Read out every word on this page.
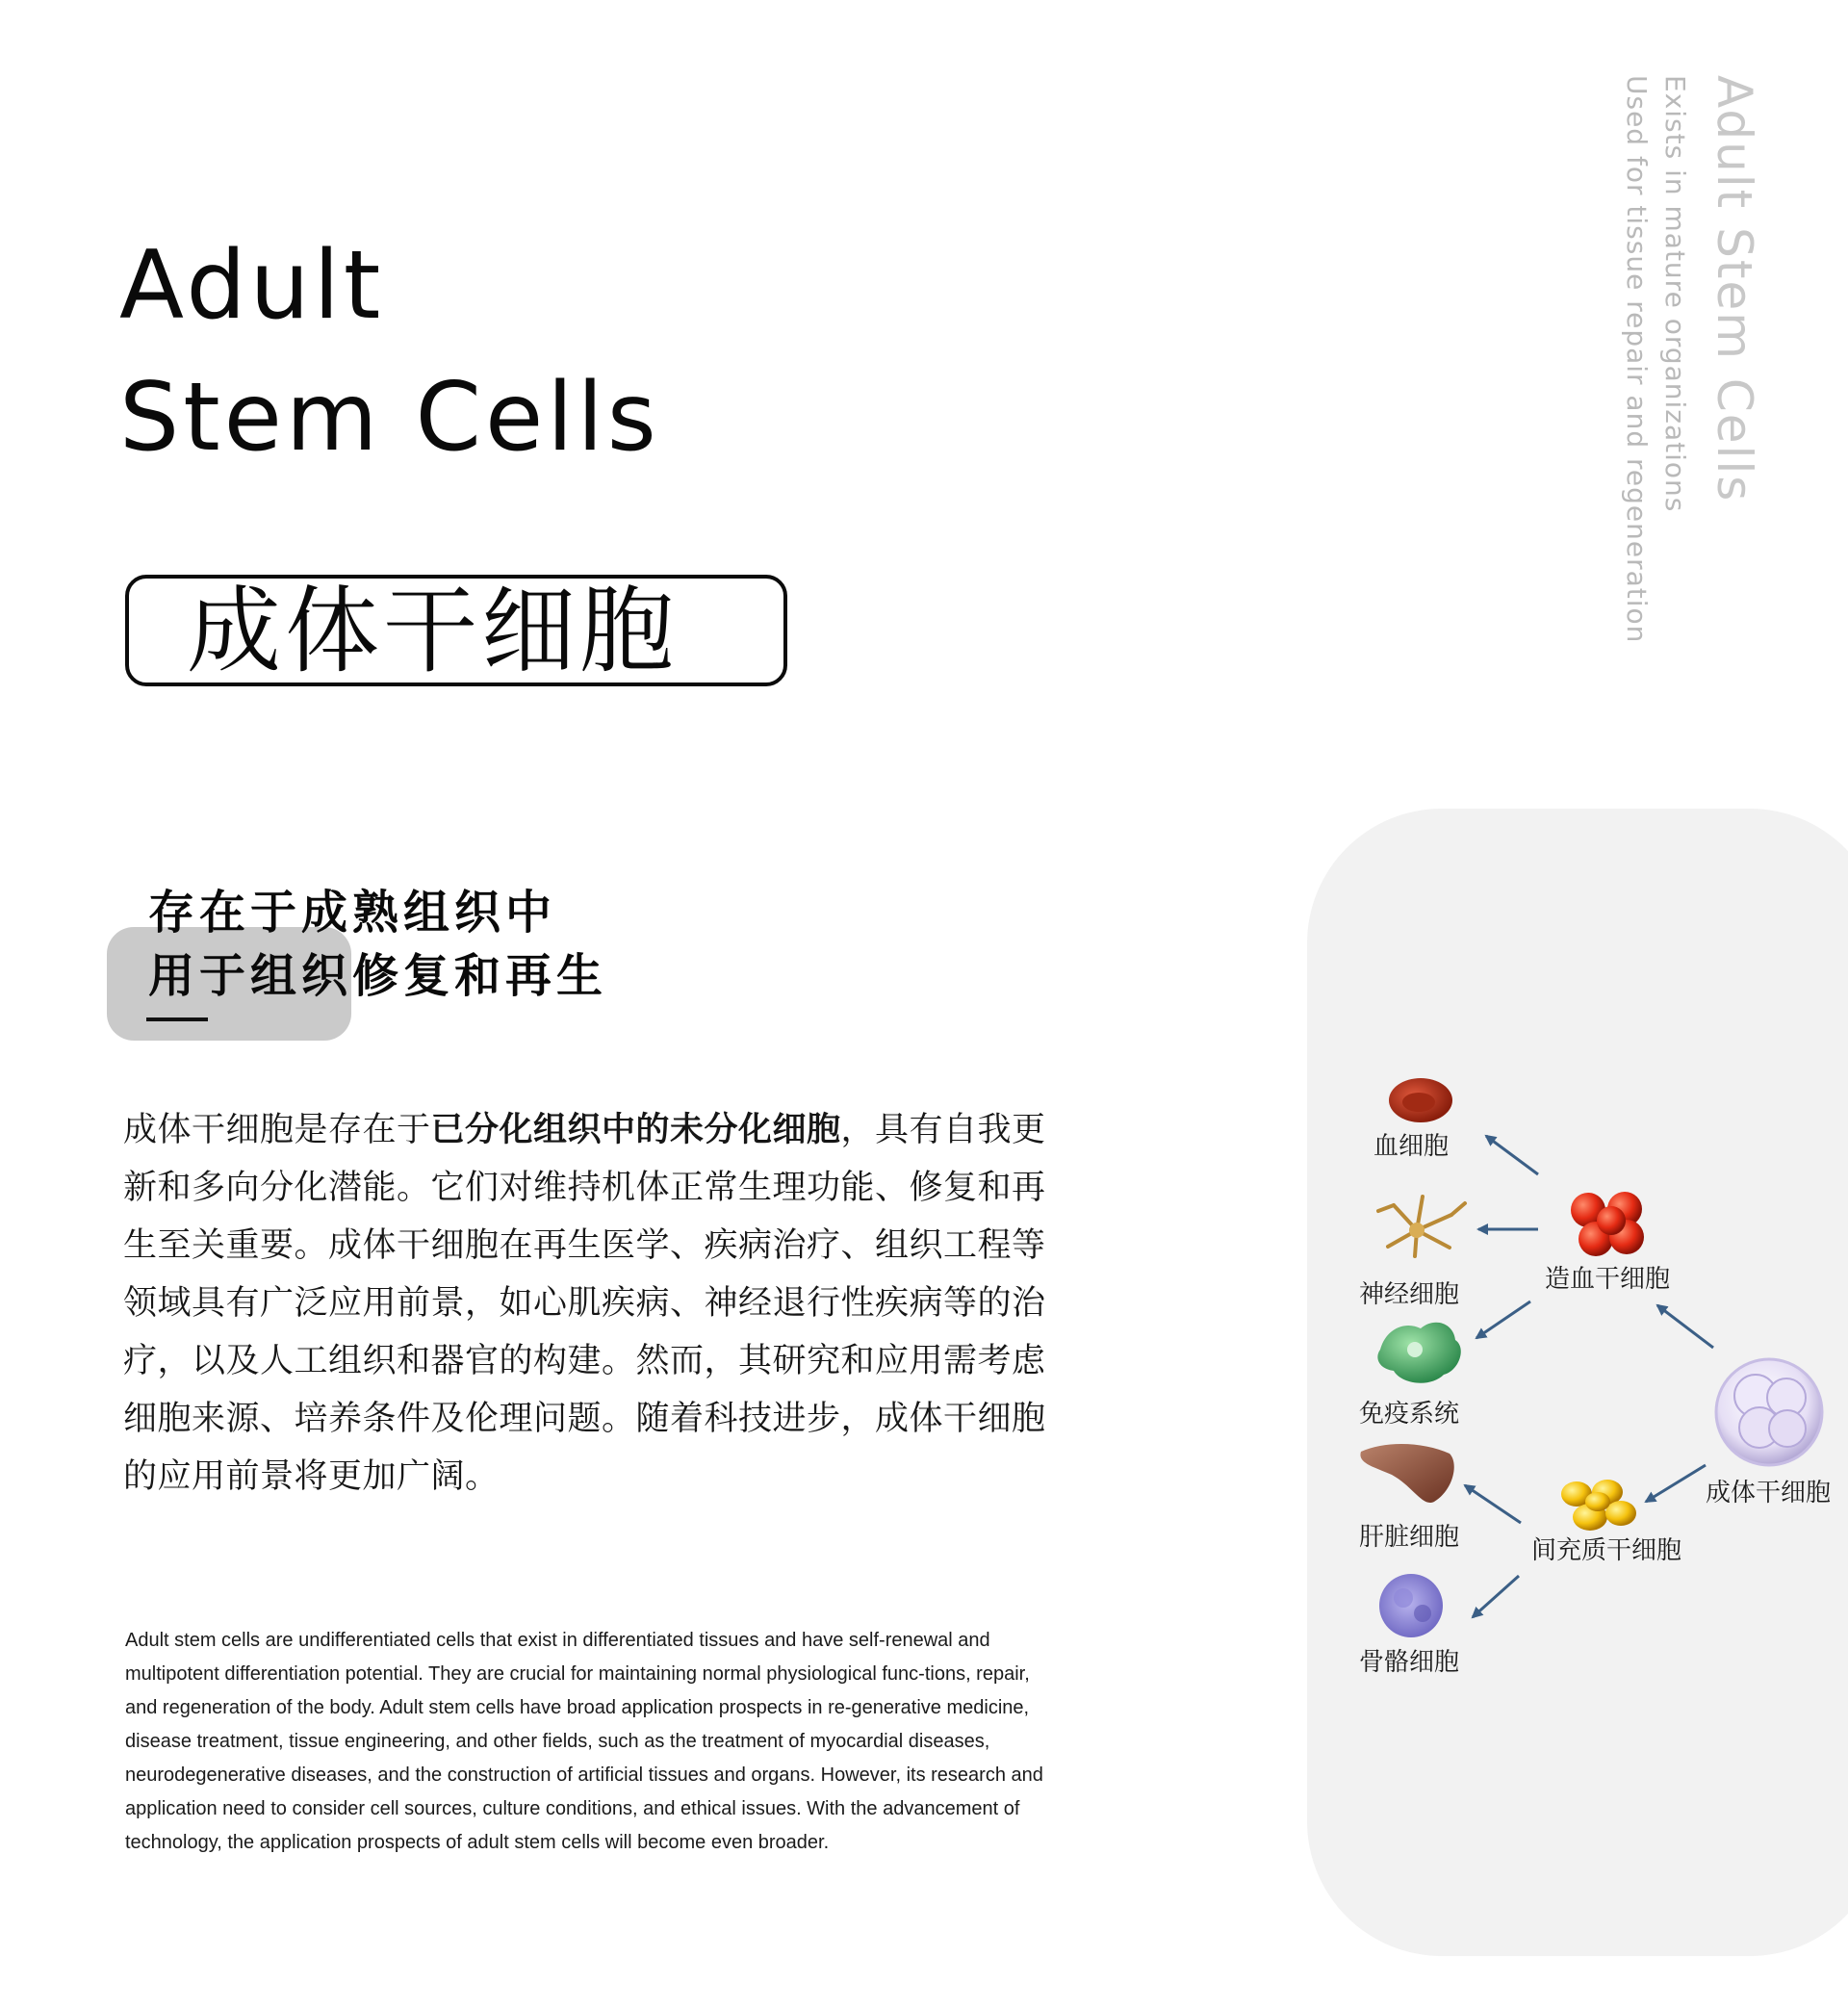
Adult
Stem Cells
成体干细胞
Adult Stem Cells
Exists in mature organizations
Used for tissue repair and regeneration

存在于成熟组织中

用于组织修复和再生

成体干细胞是存在于已分化组织中的未分化细胞，具有自我更新和多向分化潜能。它们对维持机体正常生理功能、修复和再生至关重要。成体干细胞在再生医学、疾病治疗、组织工程等领域具有广泛应用前景，如心肌疾病、神经退行性疾病等的治疗，以及人工组织和器官的构建。然而，其研究和应用需考虑细胞来源、培养条件及伦理问题。随着科技进步，成体干细胞的应用前景将更加广阔。
Adult stem cells are undifferentiated cells that exist in differentiated tissues and have self-renewal and multipotent differentiation potential. They are crucial for maintaining normal physiological func-tions, repair, and regeneration of the body. Adult stem cells have broad application prospects in re-generative medicine, disease treatment, tissue engineering, and other fields, such as the treatment of myocardial diseases, neurodegenerative diseases, and the construction of artificial tissues and organs. However, its research and application need to consider cell sources, culture conditions, and ethical issues. With the advancement of technology, the application prospects of adult stem cells will become even broader.
成体干细胞
造血干细胞
间充质干细胞
血细胞
神经细胞
免疫系统
肝脏细胞
骨骼细胞
